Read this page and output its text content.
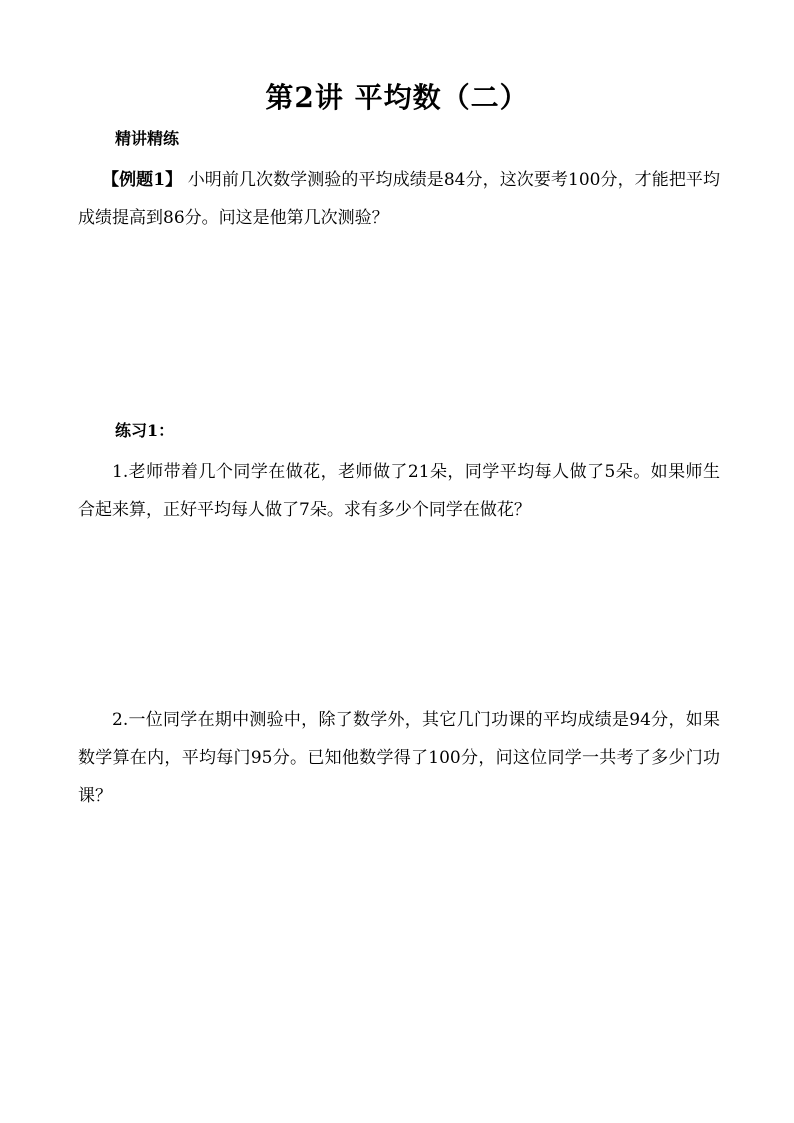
第2讲 平均数（二）
精讲精练
【例题1】 小明前几次数学测验的平均成绩是84分，这次要考100分，才能把平均成绩提高到86分。问这是他第几次测验？
练习1：
1.老师带着几个同学在做花，老师做了21朵，同学平均每人做了5朵。如果师生合起来算，正好平均每人做了7朵。求有多少个同学在做花？
2.一位同学在期中测验中，除了数学外，其它几门功课的平均成绩是94分，如果数学算在内，平均每门95分。已知他数学得了100分，问这位同学一共考了多少门功课？
